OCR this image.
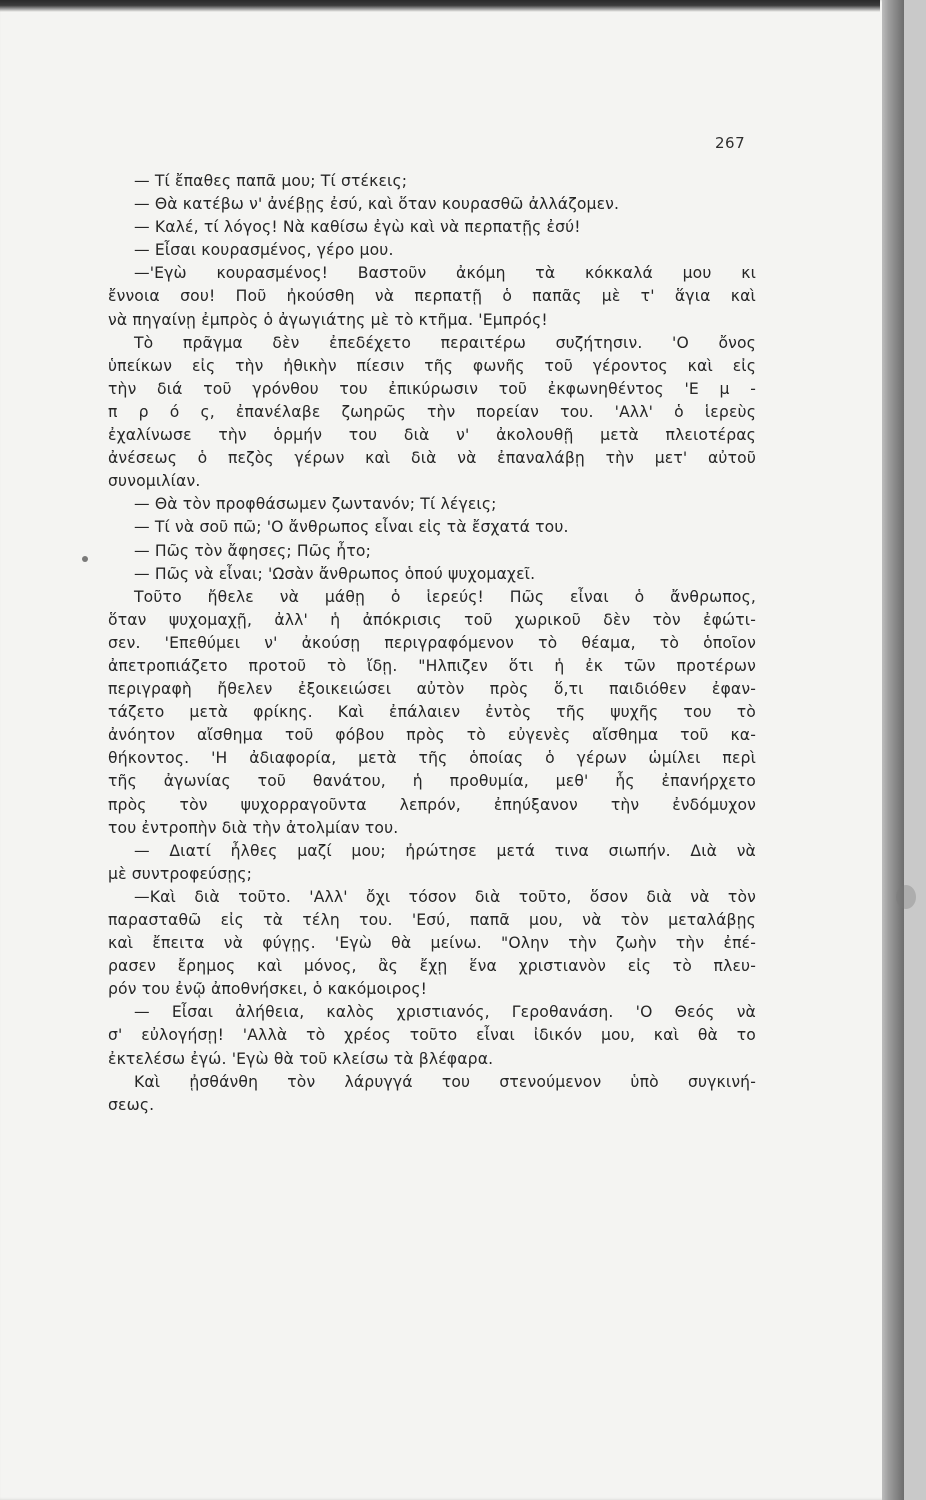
267
— Τί ἔπαθες παπᾶ μου; Τί στέκεις;
— Θὰ κατέβω ν' ἀνέβῃς ἐσύ, καὶ ὅταν κουρασθῶ ἀλλάζομεν.
— Καλέ, τί λόγος! Νὰ καθίσω ἐγὼ καὶ νὰ περπατῇς ἐσύ!
— Εἶσαι κουρασμένος, γέρο μου.
—'Εγὼ κουρασμένος! Βαστοῦν ἀκόμη τὰ κόκκαλά μου κι
ἔννοια σου! Ποῦ ἠκούσθη νὰ περπατῇ ὁ παπᾶς μὲ τ' ἅγια καὶ
νὰ πηγαίνῃ ἐμπρὸς ὁ ἀγωγιάτης μὲ τὸ κτῆμα. 'Εμπρός!
Τὸ πρᾶγμα δὲν ἐπεδέχετο περαιτέρω συζήτησιν. 'Ο ὄνος
ὑπείκων εἰς τὴν ἠθικὴν πίεσιν τῆς φωνῆς τοῦ γέροντος καὶ εἰς
τὴν διά τοῦ γρόνθου του ἐπικύρωσιν τοῦ ἐκφωνηθέντος 'Ε μ -
π ρ ό ς, ἐπανέλαβε ζωηρῶς τὴν πορείαν του. 'Αλλ' ὁ ἱερεὺς
ἐχαλίνωσε τὴν ὁρμήν του διὰ ν' ἀκολουθῇ μετὰ πλειοτέρας
ἀνέσεως ὁ πεζὸς γέρων καὶ διὰ νὰ ἐπαναλάβῃ τὴν μετ' αὐτοῦ
συνομιλίαν.
— Θὰ τὸν προφθάσωμεν ζωντανόν; Τί λέγεις;
— Τί νὰ σοῦ πῶ; 'Ο ἄνθρωπος εἶναι εἰς τὰ ἔσχατά του.
— Πῶς τὸν ἄφησες; Πῶς ἦτο;
— Πῶς νὰ εἶναι; 'Ωσὰν ἄνθρωπος ὁπού ψυχομαχεῖ.
Τοῦτο ἤθελε νὰ μάθῃ ὁ ἱερεύς! Πῶς εἶναι ὁ ἄνθρωπος,
ὅταν ψυχομαχῇ, ἀλλ' ἡ ἀπόκρισις τοῦ χωρικοῦ δὲν τὸν ἐφώτι-
σεν. 'Επεθύμει ν' ἀκούσῃ περιγραφόμενον τὸ θέαμα, τὸ ὁποῖον
ἀπετροπιάζετο προτοῦ τὸ ἴδῃ. "Ηλπιζεν ὅτι ἡ ἐκ τῶν προτέρων
περιγραφὴ ἤθελεν ἐξοικειώσει αὐτὸν πρὸς ὅ,τι παιδιόθεν ἐφαν-
τάζετο μετὰ φρίκης. Καὶ ἐπάλαιεν ἐντὸς τῆς ψυχῆς του τὸ
ἀνόητον αἴσθημα τοῦ φόβου πρὸς τὸ εὐγενὲς αἴσθημα τοῦ κα-
θήκοντος. 'Η ἀδιαφορία, μετὰ τῆς ὁποίας ὁ γέρων ὡμίλει περὶ
τῆς ἀγωνίας τοῦ θανάτου, ἡ προθυμία, μεθ' ἧς ἐπανήρχετο
πρὸς τὸν ψυχορραγοῦντα λεπρόν, ἐπηύξανον τὴν ἐνδόμυχον
του ἐντροπὴν διὰ τὴν ἀτολμίαν του.
— Διατί ἦλθες μαζί μου; ἠρώτησε μετά τινα σιωπήν. Διὰ νὰ
μὲ συντροφεύσῃς;
—Καὶ διὰ τοῦτο. 'Αλλ' ὄχι τόσον διὰ τοῦτο, ὅσον διὰ νὰ τὸν
παρασταθῶ εἰς τὰ τέλη του. 'Εσύ, παπᾶ μου, νὰ τὸν μεταλάβῃς
καὶ ἔπειτα νὰ φύγῃς. 'Εγὼ θὰ μείνω. "Ολην τὴν ζωὴν τὴν ἐπέ-
ρασεν ἔρημος καὶ μόνος, ἂς ἔχῃ ἕνα χριστιανὸν εἰς τὸ πλευ-
ρόν του ἐνῷ ἀποθνήσκει, ὁ κακόμοιρος!
— Εἶσαι ἀλήθεια, καλὸς χριστιανός, Γεροθανάση. 'Ο Θεός νὰ
σ' εὐλογήσῃ! 'Αλλὰ τὸ χρέος τοῦτο εἶναι ἰδικόν μου, καὶ θὰ το
ἐκτελέσω ἐγώ. 'Εγὼ θὰ τοῦ κλείσω τὰ βλέφαρα.
Καὶ ᾐσθάνθη τὸν λάρυγγά του στενούμενον ὑπὸ συγκινή-
σεως.
